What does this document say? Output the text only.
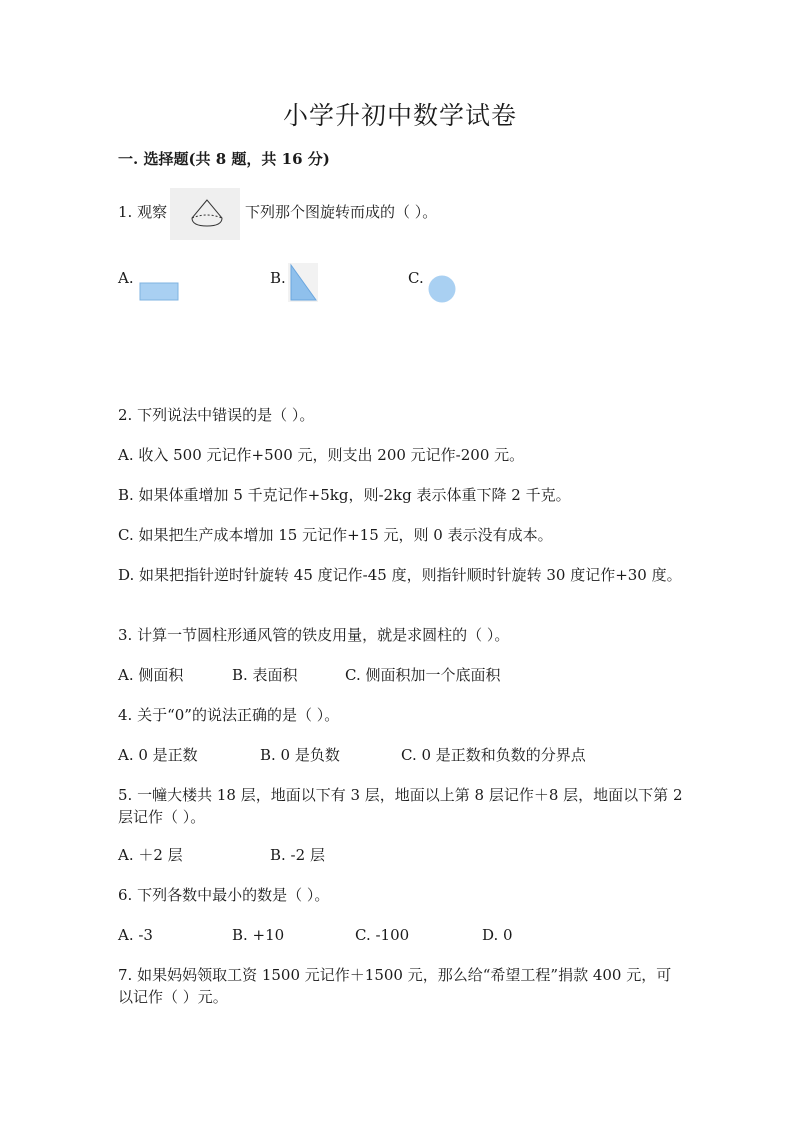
小学升初中数学试卷
一. 选择题(共 8 题，共 16 分)
1. 观察	下列那个图旋转而成的（ ）。
A.	B.	C.
2. 下列说法中错误的是（ ）。
A. 收入 500 元记作+500 元，则支出 200 元记作-200 元。
B. 如果体重增加 5 千克记作+5kg，则-2kg 表示体重下降 2 千克。
C. 如果把生产成本增加 15 元记作+15 元，则 0 表示没有成本。
D. 如果把指针逆时针旋转 45 度记作-45 度，则指针顺时针旋转 30 度记作+30 度。
3. 计算一节圆柱形通风管的铁皮用量，就是求圆柱的（ ）。
A. 侧面积	B. 表面积	C. 侧面积加一个底面积
4. 关于“0”的说法正确的是（ ）。
A. 0 是正数	B. 0 是负数	C. 0 是正数和负数的分界点
5. 一幢大楼共 18 层，地面以下有 3 层，地面以上第 8 层记作＋8 层，地面以下第 2 层记作（ ）。
A. ＋2 层	B. -2 层
6. 下列各数中最小的数是（ ）。
A. -3	B. +10	C. -100	D. 0
7. 如果妈妈领取工资 1500 元记作＋1500 元，那么给“希望工程”捐款 400 元，可以记作（ ）元。
